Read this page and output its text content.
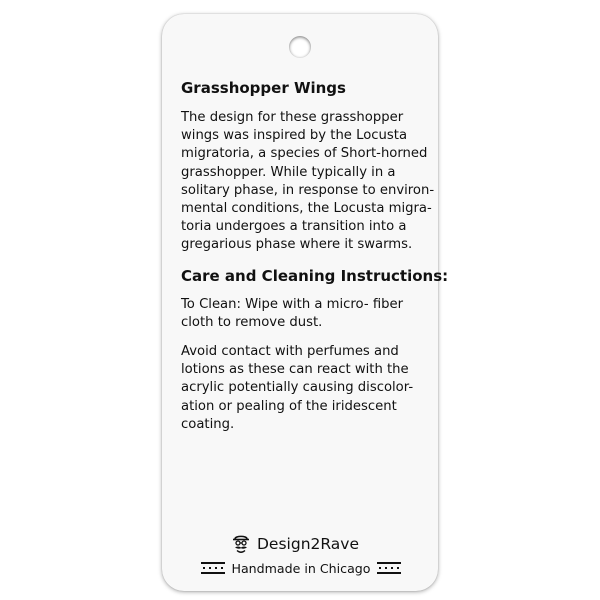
Grasshopper Wings
The design for these grasshopper
wings was inspired by the Locusta
migratoria, a species of Short-horned
grasshopper. While typically in a
solitary phase, in response to environ-
mental conditions, the Locusta migra-
toria undergoes a transition into a
gregarious phase where it swarms.
Care and Cleaning Instructions:
To Clean: Wipe with a micro- fiber
cloth to remove dust.
Avoid contact with perfumes and
lotions as these can react with the
acrylic potentially causing discolor-
ation or pealing of the iridescent
coating.
Design2Rave
Handmade in Chicago
